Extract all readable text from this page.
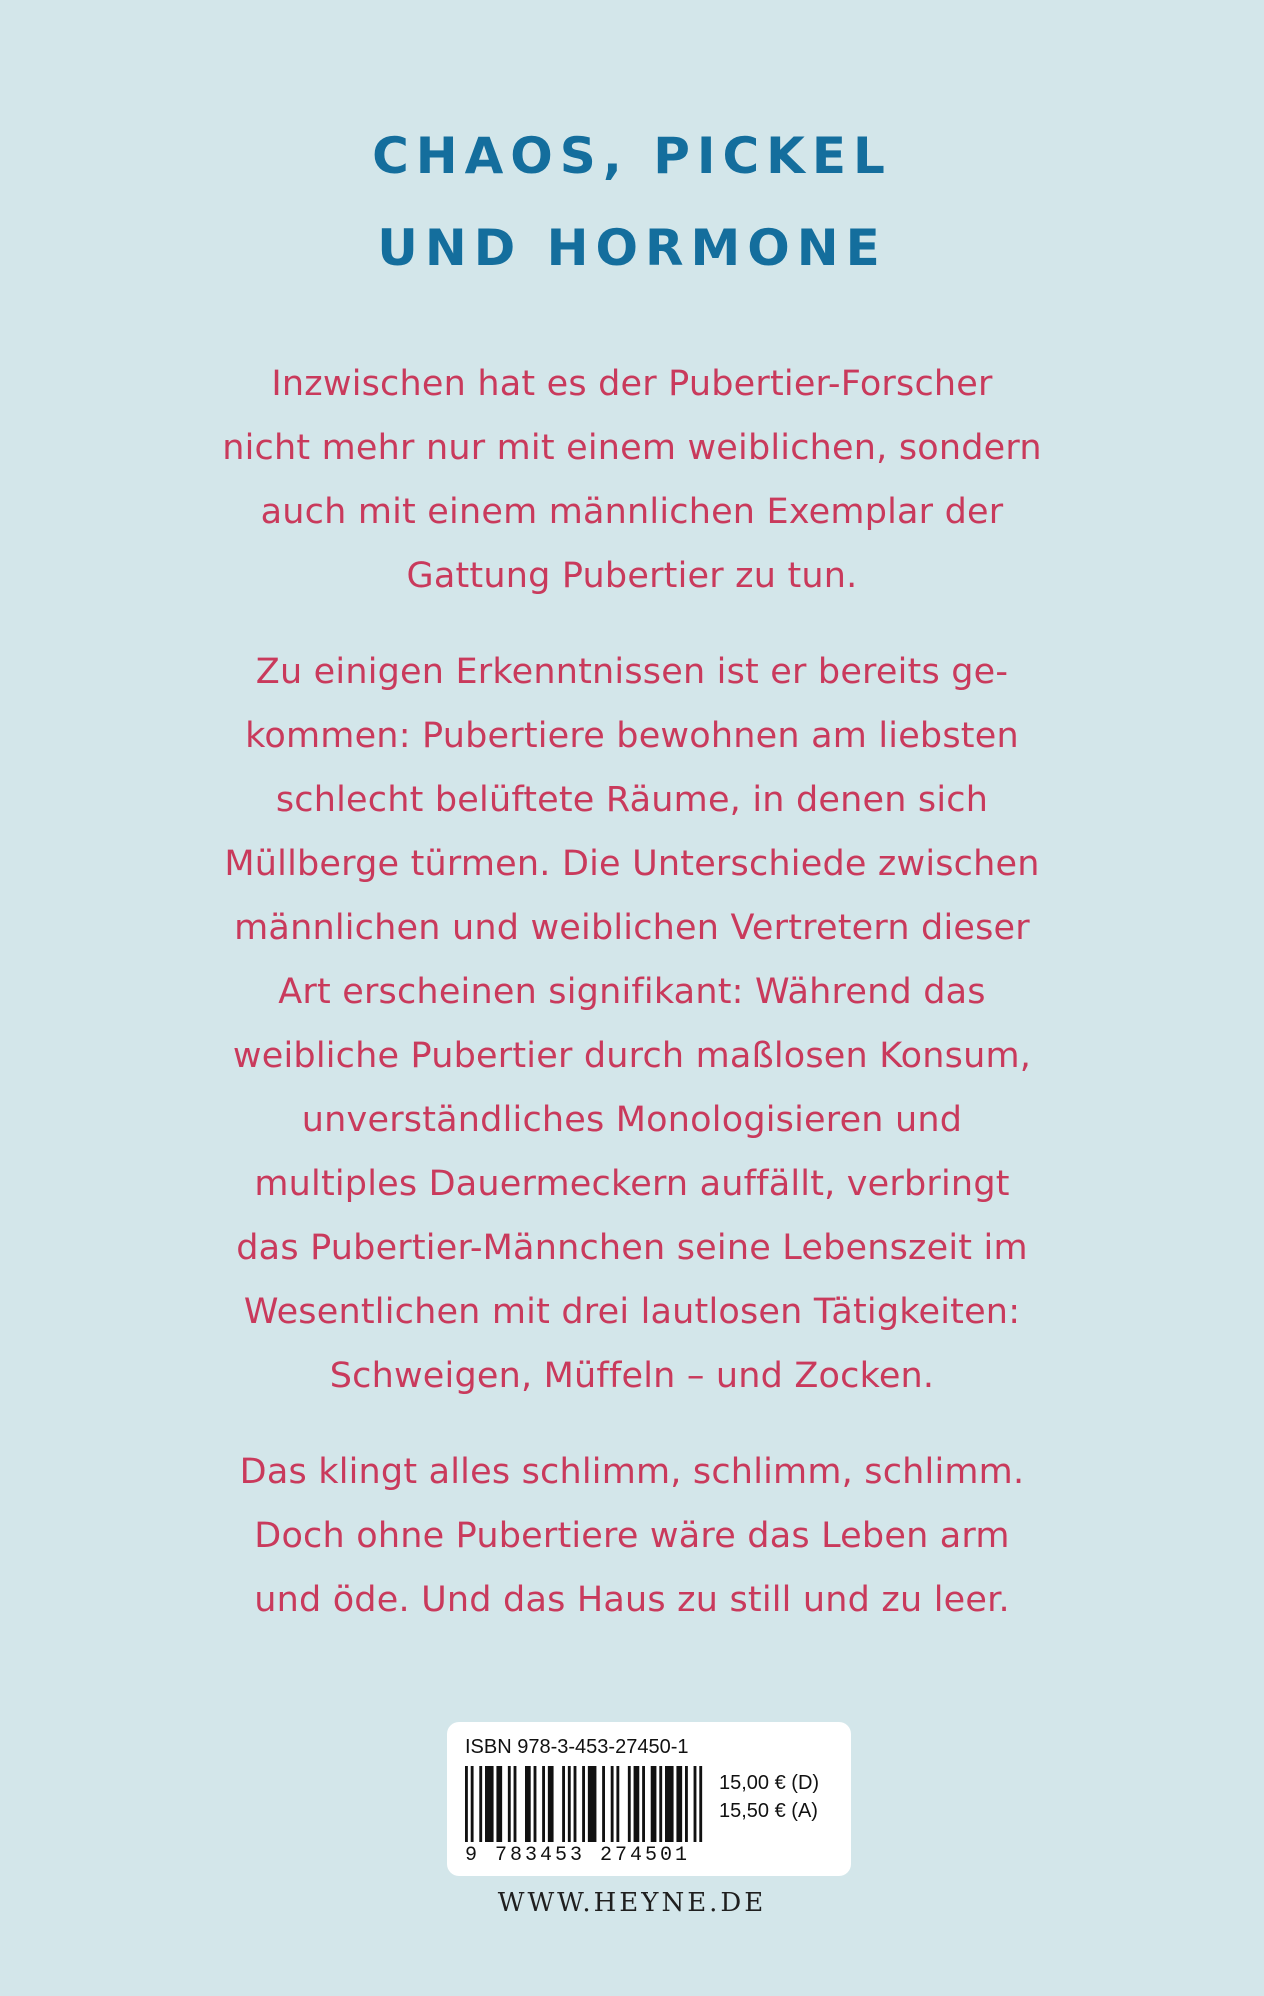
CHAOS, PICKEL
UND HORMONE
Inzwischen hat es der Pubertier-Forscher
nicht mehr nur mit einem weiblichen, sondern
auch mit einem männlichen Exemplar der
Gattung Pubertier zu tun.
Zu einigen Erkenntnissen ist er bereits ge-
kommen: Pubertiere bewohnen am liebsten
schlecht belüftete Räume, in denen sich
Müllberge türmen. Die Unterschiede zwischen
männlichen und weiblichen Vertretern dieser
Art erscheinen signifikant: Während das
weibliche Pubertier durch maßlosen Konsum,
unverständliches Monologisieren und
multiples Dauermeckern auffällt, verbringt
das Pubertier-Männchen seine Lebenszeit im
Wesentlichen mit drei lautlosen Tätigkeiten:
Schweigen, Müffeln – und Zocken.
Das klingt alles schlimm, schlimm, schlimm.
Doch ohne Pubertiere wäre das Leben arm
und öde. Und das Haus zu still und zu leer.
ISBN 978-3-453-27450-1
9 783453 274501
15,00 € (D)
15,50 € (A)
WWW.HEYNE.DE
